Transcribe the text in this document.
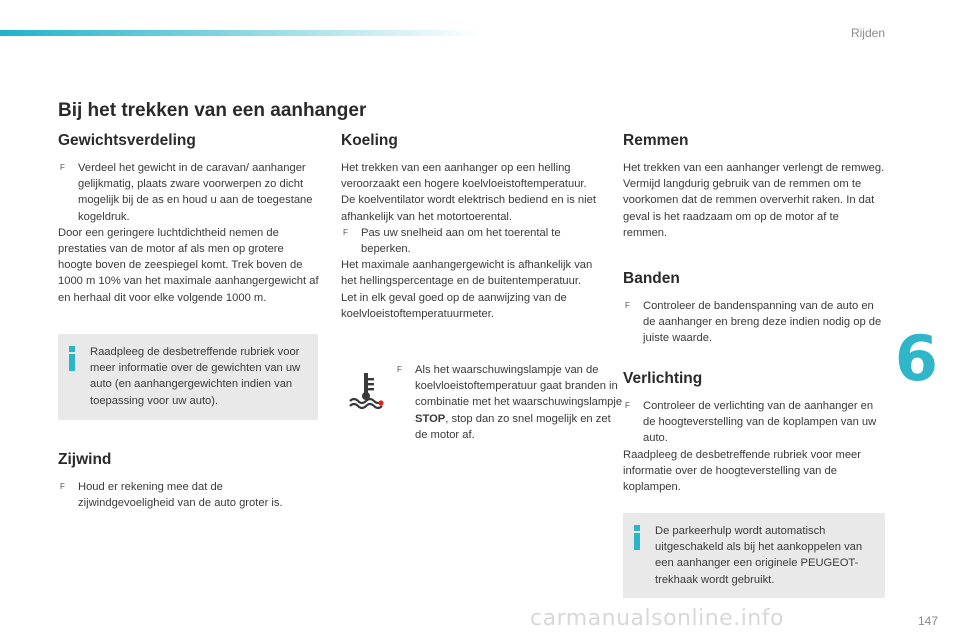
Rijden
6
147
carmanualsonline.info
Bij het trekken van een aanhanger
Gewichtsverdeling
F Verdeel het gewicht in de caravan/ aanhanger gelijkmatig, plaats zware voorwerpen zo dicht mogelijk bij de as en houd u aan de toegestane kogeldruk.

Door een geringere luchtdichtheid nemen de prestaties van de motor af als men op grotere hoogte boven de zeespiegel komt. Trek boven de 1000 m 10% van het maximale aanhangergewicht af en herhaal dit voor elke volgende 1000 m.

Raadpleeg de desbetreffende rubriek voor meer informatie over de gewichten van uw auto (en aanhangergewichten indien van toepassing voor uw auto).
Zijwind
F Houd er rekening mee dat de zijwindgevoeligheid van de auto groter is.
Koeling

Het trekken van een aanhanger op een helling veroorzaakt een hogere koelvloeistoftemperatuur.

De koelventilator wordt elektrisch bediend en is niet afhankelijk van het motortoerental.

F Pas uw snelheid aan om het toerental te beperken.

Het maximale aanhangergewicht is afhankelijk van het hellingspercentage en de buitentemperatuur.

Let in elk geval goed op de aanwijzing van de koelvloeistoftemperatuurmeter.

F Als het waarschuwingslampje van de koelvloeistoftemperatuur gaat branden in combinatie met het waarschuwingslampje STOP, stop dan zo snel mogelijk en zet de motor af.
Remmen

Het trekken van een aanhanger verlengt de remweg.

Vermijd langdurig gebruik van de remmen om te voorkomen dat de remmen oververhit raken. In dat geval is het raadzaam om op de motor af te remmen.

Banden
F Controleer de bandenspanning van de auto en de aanhanger en breng deze indien nodig op de juiste waarde.
Verlichting
F Controleer de verlichting van de aanhanger en de hoogteverstelling van de koplampen van uw auto.

Raadpleeg de desbetreffende rubriek voor meer informatie over de hoogteverstelling van de koplampen.

De parkeerhulp wordt automatisch uitgeschakeld als bij het aankoppelen van een aanhanger een originele PEUGEOT-trekhaak wordt gebruikt.
